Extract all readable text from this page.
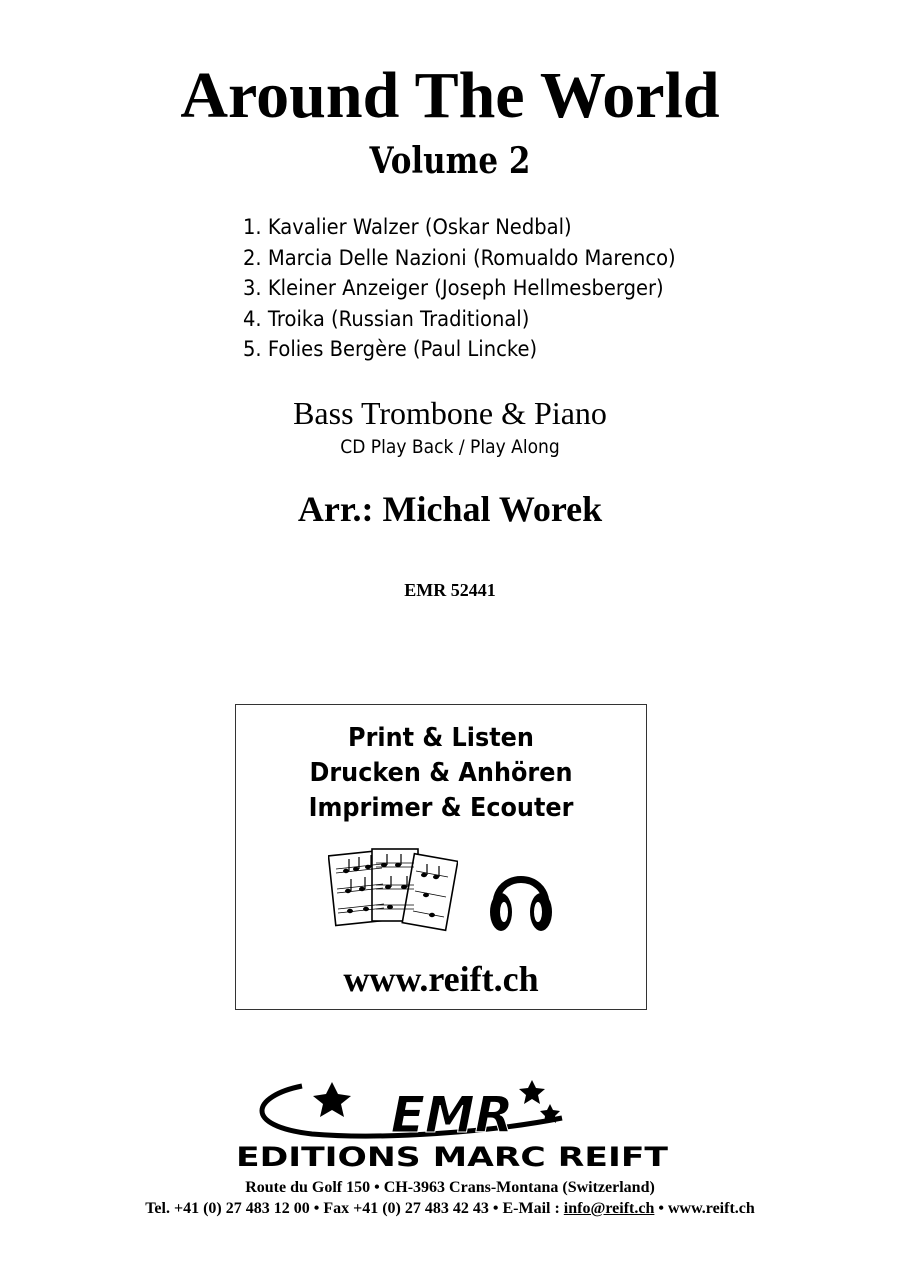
Around The World
Volume 2
1. Kavalier Walzer (Oskar Nedbal)
2. Marcia Delle Nazioni (Romualdo Marenco)
3. Kleiner Anzeiger (Joseph Hellmesberger)
4. Troika (Russian Traditional)
5. Folies Bergère (Paul Lincke)
Bass Trombone & Piano
CD Play Back / Play Along
Arr.: Michal Worek
EMR 52441
Print & Listen
Drucken & Anhören
Imprimer & Ecouter
www.reift.ch
EMR
EDITIONS MARC REIFT
Route du Golf 150 • CH-3963 Crans-Montana (Switzerland)
Tel. +41 (0) 27 483 12 00 • Fax +41 (0) 27 483 42 43 • E-Mail : info@reift.ch • www.reift.ch
